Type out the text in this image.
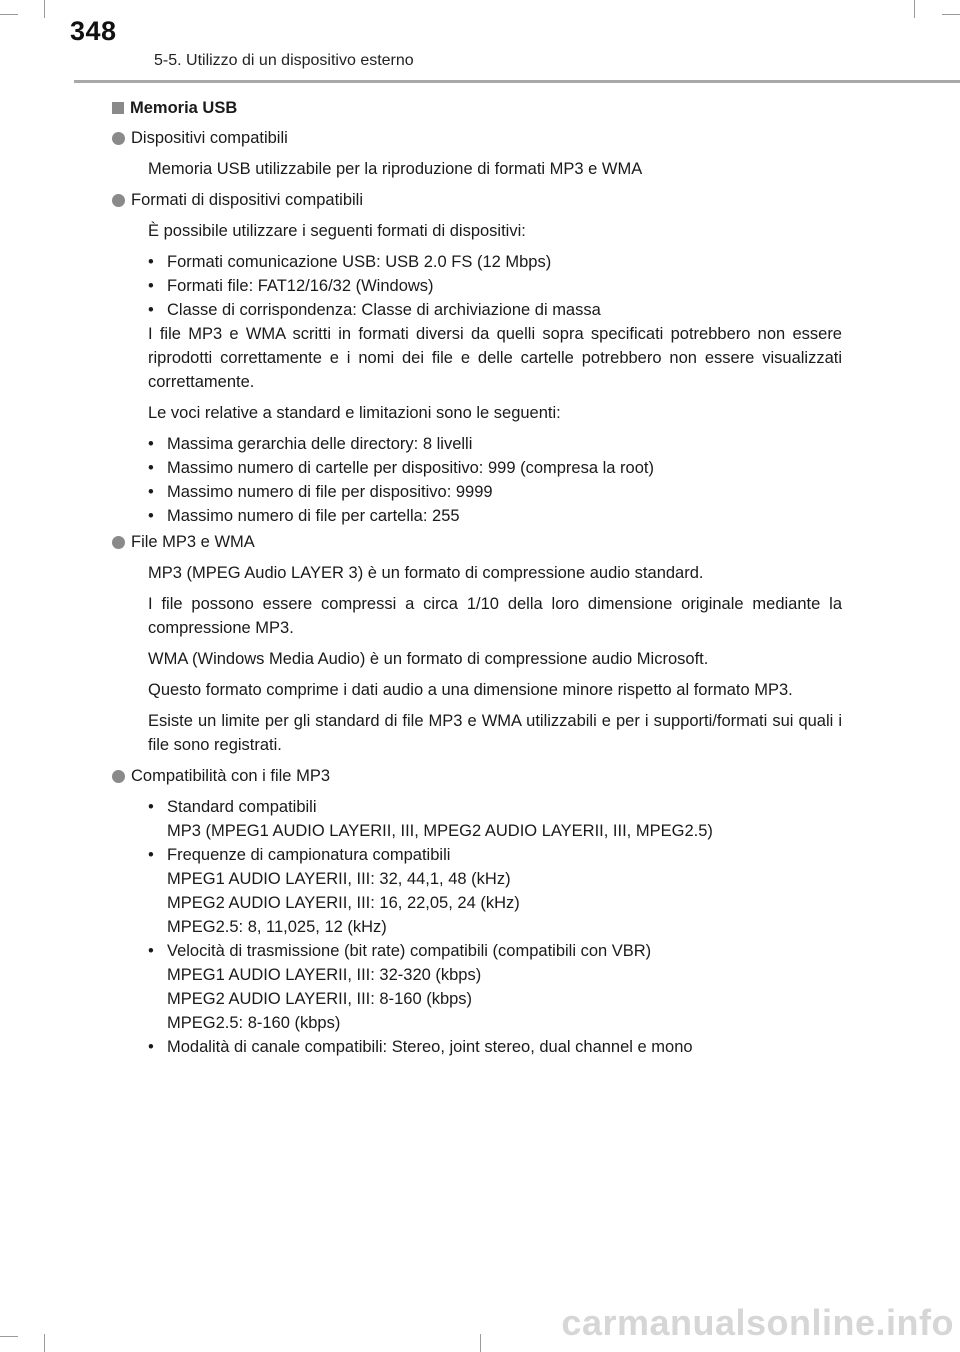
348
5-5. Utilizzo di un dispositivo esterno
Memoria USB
Dispositivi compatibili
Memoria USB utilizzabile per la riproduzione di formati MP3 e WMA
Formati di dispositivi compatibili
È possibile utilizzare i seguenti formati di dispositivi:
• Formati comunicazione USB: USB 2.0 FS (12 Mbps)
• Formati file: FAT12/16/32 (Windows)
• Classe di corrispondenza: Classe di archiviazione di massa
I file MP3 e WMA scritti in formati diversi da quelli sopra specificati potrebbero non essere riprodotti correttamente e i nomi dei file e delle cartelle potrebbero non essere visualizzati correttamente.
Le voci relative a standard e limitazioni sono le seguenti:
• Massima gerarchia delle directory: 8 livelli
• Massimo numero di cartelle per dispositivo: 999 (compresa la root)
• Massimo numero di file per dispositivo: 9999
• Massimo numero di file per cartella: 255
File MP3 e WMA
MP3 (MPEG Audio LAYER 3) è un formato di compressione audio standard.
I file possono essere compressi a circa 1/10 della loro dimensione originale mediante la compressione MP3.
WMA (Windows Media Audio) è un formato di compressione audio Microsoft.
Questo formato comprime i dati audio a una dimensione minore rispetto al formato MP3.
Esiste un limite per gli standard di file MP3 e WMA utilizzabili e per i supporti/formati sui quali i file sono registrati.
Compatibilità con i file MP3
• Standard compatibili
MP3 (MPEG1 AUDIO LAYERII, III, MPEG2 AUDIO LAYERII, III, MPEG2.5)
• Frequenze di campionatura compatibili
MPEG1 AUDIO LAYERII, III: 32, 44,1, 48 (kHz)
MPEG2 AUDIO LAYERII, III: 16, 22,05, 24 (kHz)
MPEG2.5: 8, 11,025, 12 (kHz)
• Velocità di trasmissione (bit rate) compatibili (compatibili con VBR)
MPEG1 AUDIO LAYERII, III: 32-320 (kbps)
MPEG2 AUDIO LAYERII, III: 8-160 (kbps)
MPEG2.5: 8-160 (kbps)
• Modalità di canale compatibili: Stereo, joint stereo, dual channel e mono
carmanualsonline.info
